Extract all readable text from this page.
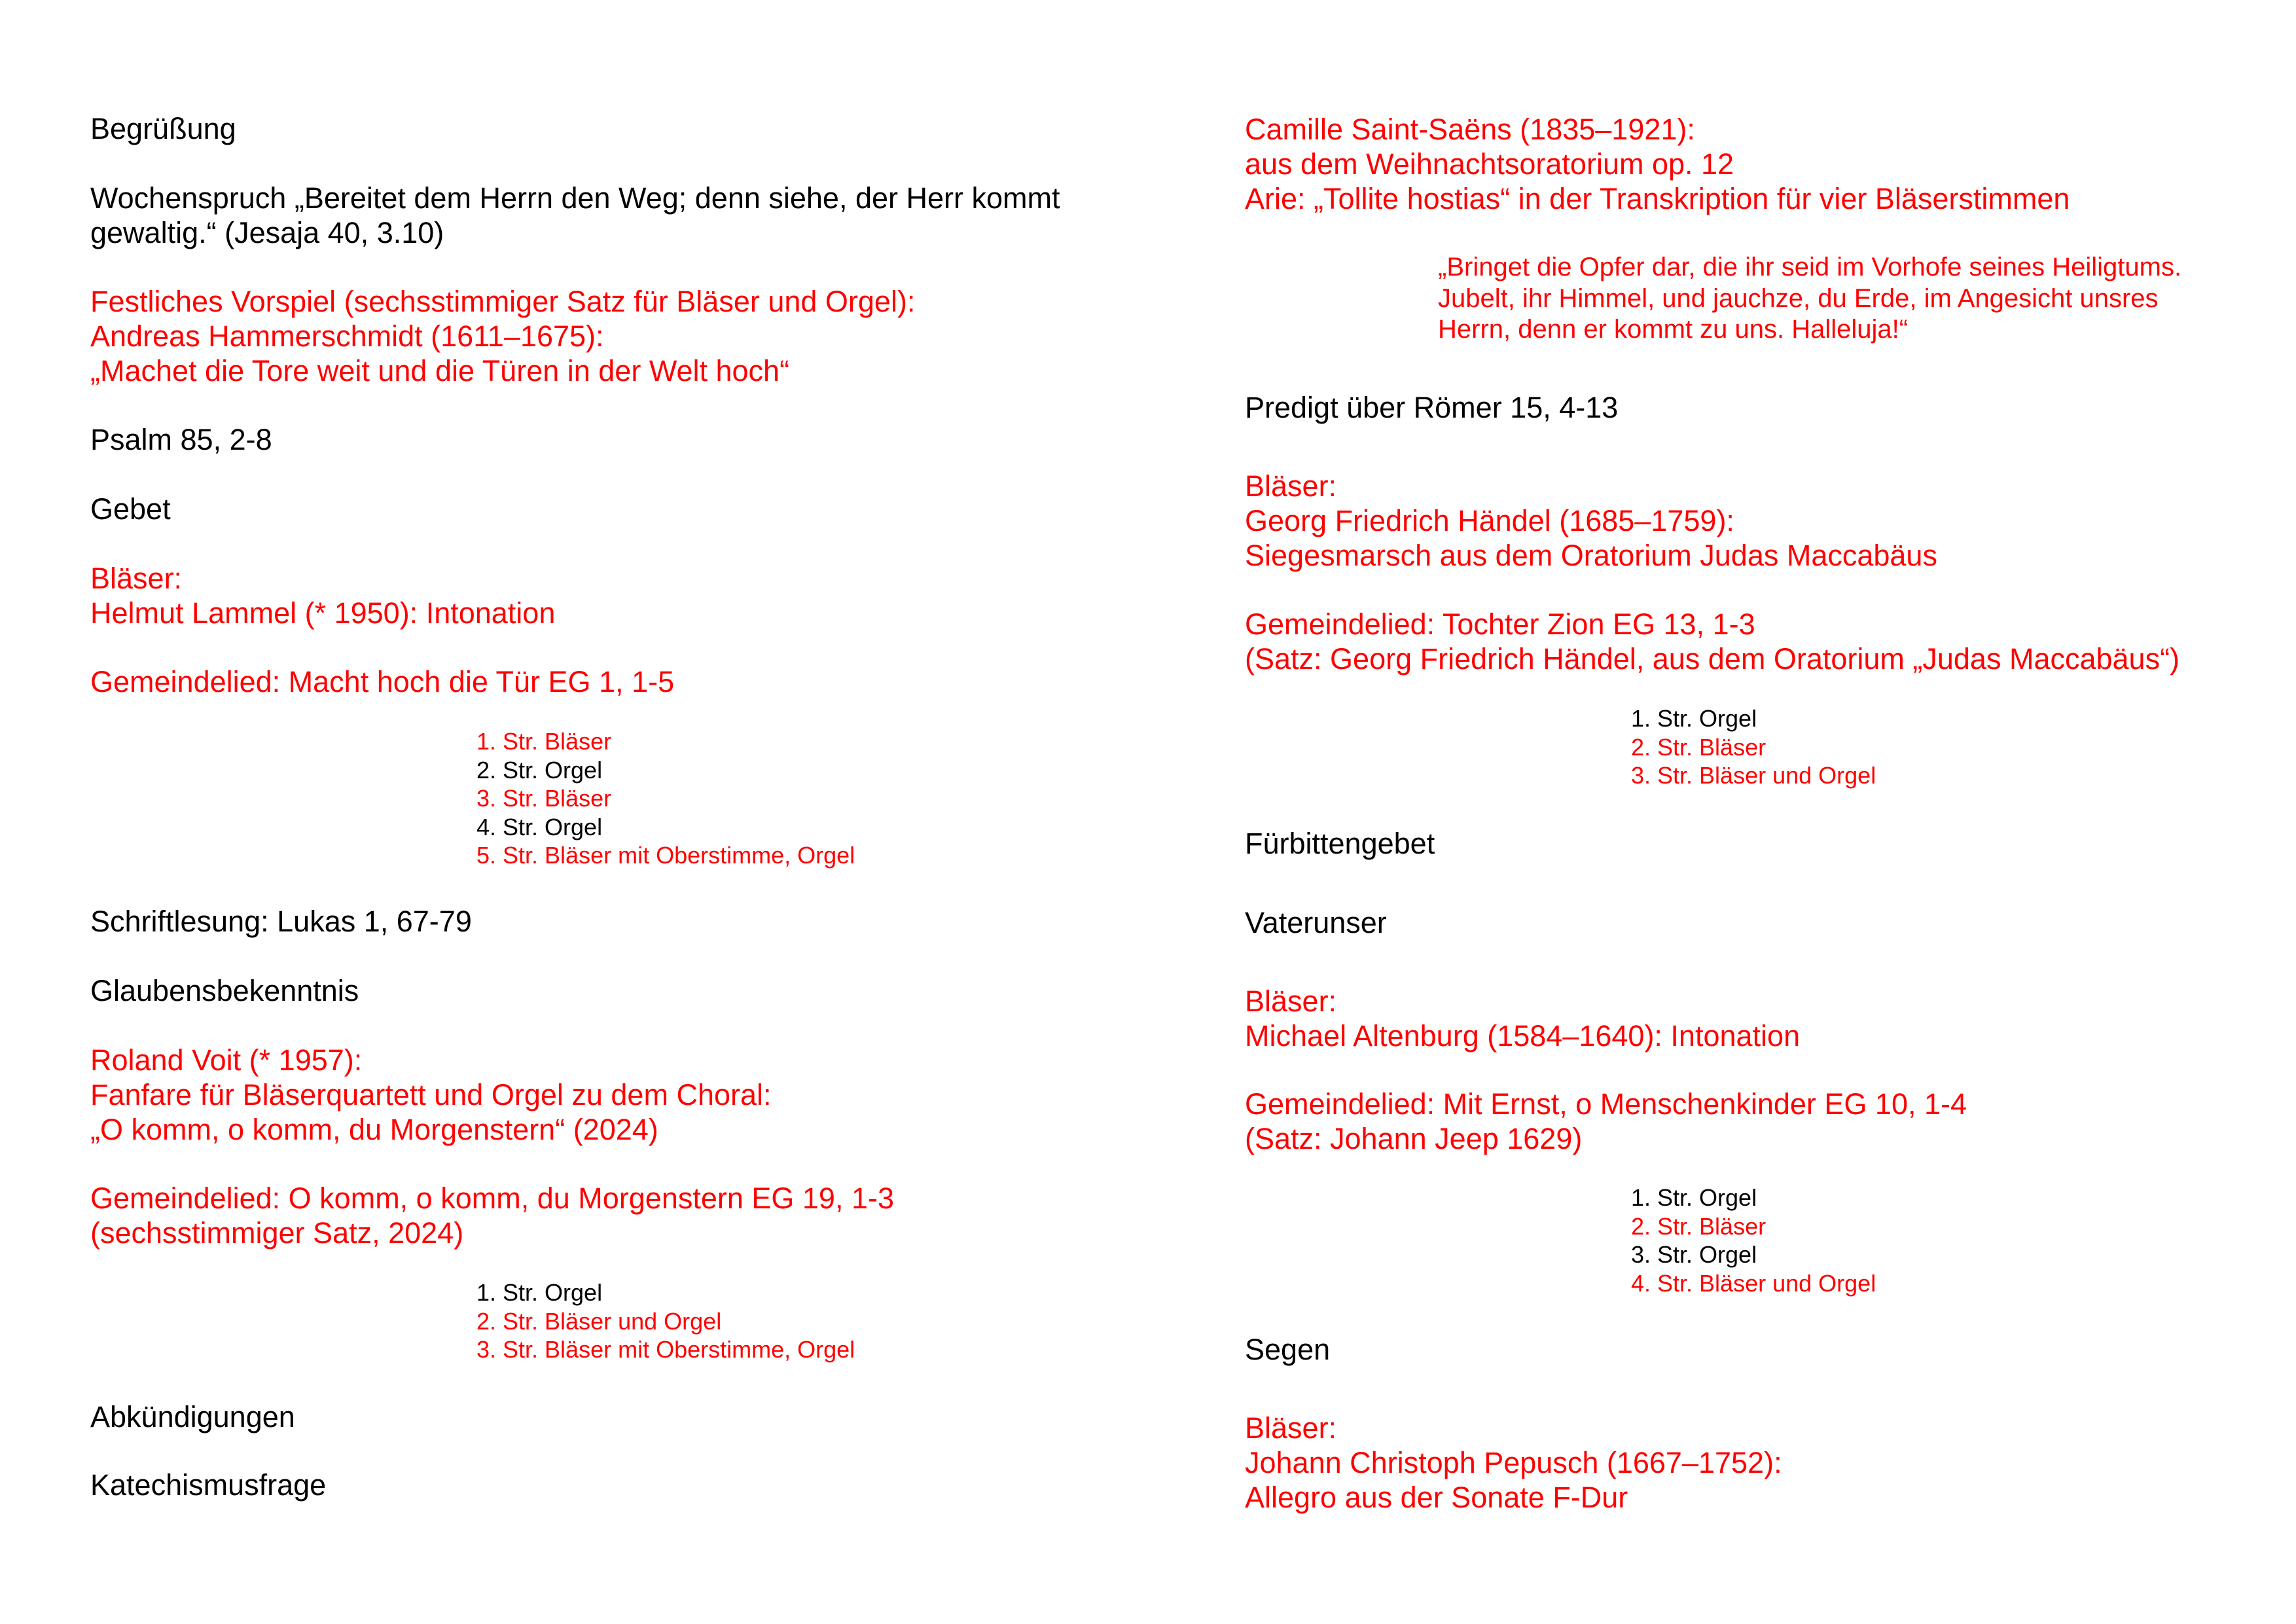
Begrüßung
Wochenspruch „Bereitet dem Herrn den Weg; denn siehe, der Herr kommt
gewaltig.“ (Jesaja 40, 3.10)
Festliches Vorspiel (sechsstimmiger Satz für Bläser und Orgel):
Andreas Hammerschmidt (1611–1675):
„Machet die Tore weit und die Türen in der Welt hoch“
Psalm 85, 2-8
Gebet
Bläser:
Helmut Lammel (* 1950): Intonation
Gemeindelied: Macht hoch die Tür EG 1, 1-5
1. Str. Bläser
2. Str. Orgel
3. Str. Bläser
4. Str. Orgel
5. Str. Bläser mit Oberstimme, Orgel
Schriftlesung: Lukas 1, 67-79
Glaubensbekenntnis
Roland Voit (* 1957):
Fanfare für Bläserquartett und Orgel zu dem Choral:
„O komm, o komm, du Morgenstern“ (2024)
Gemeindelied: O komm, o komm, du Morgenstern EG 19, 1-3
(sechsstimmiger Satz, 2024)
1. Str. Orgel
2. Str. Bläser und Orgel
3. Str. Bläser mit Oberstimme, Orgel
Abkündigungen
Katechismusfrage
Camille Saint-Saëns (1835–1921):
aus dem Weihnachtsoratorium op. 12
Arie: „Tollite hostias“ in der Transkription für vier Bläserstimmen
„Bringet die Opfer dar, die ihr seid im Vorhofe seines Heiligtums.
Jubelt, ihr Himmel, und jauchze, du Erde, im Angesicht unsres
Herrn, denn er kommt zu uns. Halleluja!“
Predigt über Römer 15, 4-13
Bläser:
Georg Friedrich Händel (1685–1759):
Siegesmarsch aus dem Oratorium Judas Maccabäus
Gemeindelied: Tochter Zion EG 13, 1-3
(Satz: Georg Friedrich Händel, aus dem Oratorium „Judas Maccabäus“)
1. Str. Orgel
2. Str. Bläser
3. Str. Bläser und Orgel
Fürbittengebet
Vaterunser
Bläser:
Michael Altenburg (1584–1640): Intonation
Gemeindelied: Mit Ernst, o Menschenkinder EG 10, 1-4
(Satz: Johann Jeep 1629)
1. Str. Orgel
2. Str. Bläser
3. Str. Orgel
4. Str. Bläser und Orgel
Segen
Bläser:
Johann Christoph Pepusch (1667–1752):
Allegro aus der Sonate F-Dur
